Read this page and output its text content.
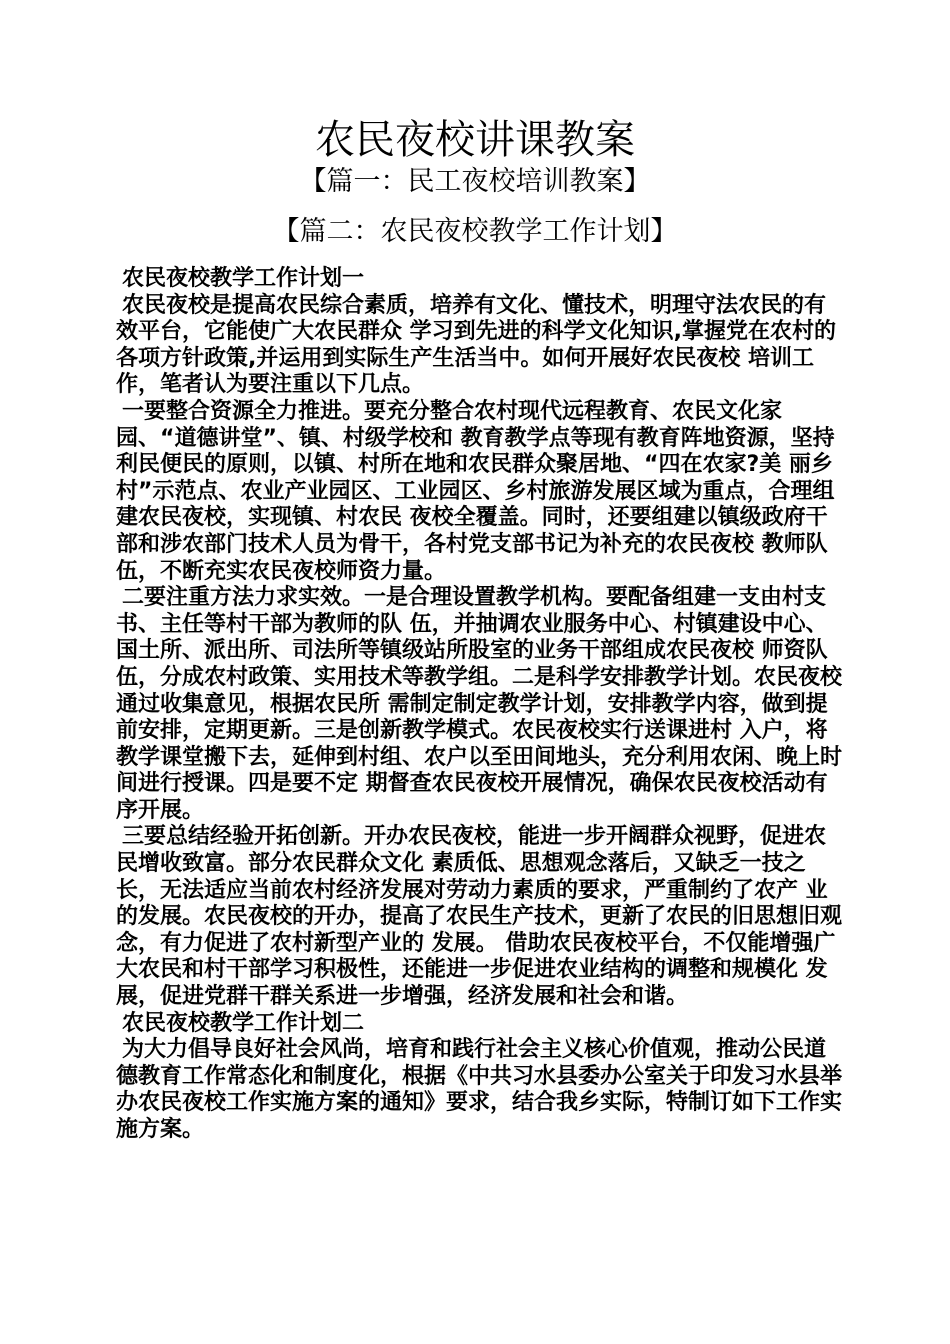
农民夜校讲课教案
【篇一：民工夜校培训教案】
【篇二：农民夜校教学工作计划】

农民夜校教学工作计划一

农民夜校是提高农民综合素质，培养有文化、懂技术，明理守法农民的有效平台，它能使广大农民群众 学习到先进的科学文化知识,掌握党在农村的各项方针政策,并运用到实际生产生活当中。如何开展好农民夜校 培训工作，笔者认为要注重以下几点。

一要整合资源全力推进。要充分整合农村现代远程教育、农民文化家园、“道德讲堂”、镇、村级学校和 教育教学点等现有教育阵地资源，坚持利民便民的原则，以镇、村所在地和农民群众聚居地、“四在农家?美 丽乡村”示范点、农业产业园区、工业园区、乡村旅游发展区域为重点，合理组建农民夜校，实现镇、村农民 夜校全覆盖。同时，还要组建以镇级政府干部和涉农部门技术人员为骨干，各村党支部书记为补充的农民夜校 教师队伍，不断充实农民夜校师资力量。

二要注重方法力求实效。一是合理设置教学机构。要配备组建一支由村支书、主任等村干部为教师的队 伍，并抽调农业服务中心、村镇建设中心、国土所、派出所、司法所等镇级站所股室的业务干部组成农民夜校 师资队伍，分成农村政策、实用技术等教学组。二是科学安排教学计划。农民夜校通过收集意见，根据农民所 需制定制定教学计划，安排教学内容，做到提前安排，定期更新。三是创新教学模式。农民夜校实行送课进村 入户，将教学课堂搬下去，延伸到村组、农户以至田间地头，充分利用农闲、晚上时间进行授课。四是要不定 期督查农民夜校开展情况，确保农民夜校活动有序开展。

三要总结经验开拓创新。开办农民夜校，能进一步开阔群众视野，促进农民增收致富。部分农民群众文化 素质低、思想观念落后，又缺乏一技之长，无法适应当前农村经济发展对劳动力素质的要求，严重制约了农产 业的发展。农民夜校的开办，提高了农民生产技术，更新了农民的旧思想旧观念，有力促进了农村新型产业的 发展。 借助农民夜校平台，不仅能增强广大农民和村干部学习积极性，还能进一步促进农业结构的调整和规模化 发展，促进党群干群关系进一步增强，经济发展和社会和谐。

农民夜校教学工作计划二

为大力倡导良好社会风尚，培育和践行社会主义核心价值观，推动公民道德教育工作常态化和制度化，根据《中共习水县委办公室关于印发习水县举办农民夜校工作实施方案的通知》要求，结合我乡实际，特制订如下工作实施方案。
